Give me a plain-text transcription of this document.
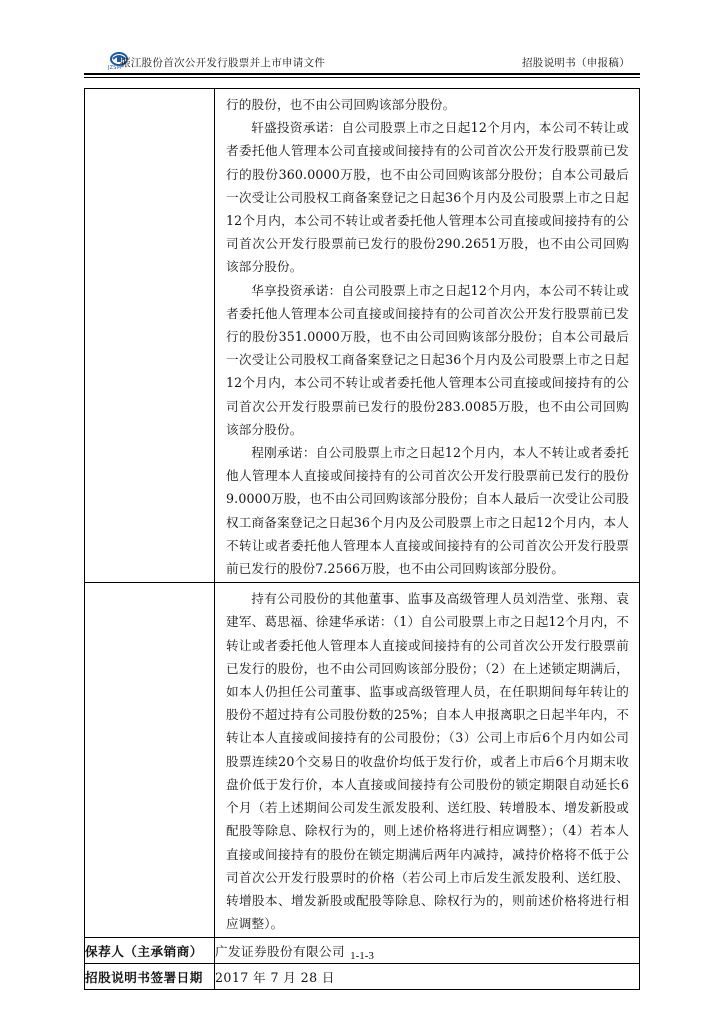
JZSM
振江股份首次公开发行股票并上市申请文件	招股说明书（申报稿）

	行的股份，也不由公司回购该部分股份。

轩盛投资承诺：自公司股票上市之日起12个月内，本公司不转让或者委托他人管理本公司直接或间接持有的公司首次公开发行股票前已发行的股份360.0000万股，也不由公司回购该部分股份；自本公司最后一次受让公司股权工商备案登记之日起36个月内及公司股票上市之日起12个月内，本公司不转让或者委托他人管理本公司直接或间接持有的公司首次公开发行股票前已发行的股份290.2651万股，也不由公司回购该部分股份。

华享投资承诺：自公司股票上市之日起12个月内，本公司不转让或者委托他人管理本公司直接或间接持有的公司首次公开发行股票前已发行的股份351.0000万股，也不由公司回购该部分股份；自本公司最后一次受让公司股权工商备案登记之日起36个月内及公司股票上市之日起12个月内，本公司不转让或者委托他人管理本公司直接或间接持有的公司首次公开发行股票前已发行的股份283.0085万股，也不由公司回购该部分股份。

程刚承诺：自公司股票上市之日起12个月内，本人不转让或者委托他人管理本人直接或间接持有的公司首次公开发行股票前已发行的股份9.0000万股，也不由公司回购该部分股份；自本人最后一次受让公司股权工商备案登记之日起36个月内及公司股票上市之日起12个月内，本人不转让或者委托他人管理本人直接或间接持有的公司首次公开发行股票前已发行的股份7.2566万股，也不由公司回购该部分股份。

	持有公司股份的其他董事、监事及高级管理人员刘浩堂、张翔、袁建军、葛思福、徐建华承诺：（1）自公司股票上市之日起12个月内，不转让或者委托他人管理本人直接或间接持有的公司首次公开发行股票前已发行的股份，也不由公司回购该部分股份；（2）在上述锁定期满后，如本人仍担任公司董事、监事或高级管理人员，在任职期间每年转让的股份不超过持有公司股份数的25%；自本人申报离职之日起半年内，不转让本人直接或间接持有的公司股份；（3）公司上市后6个月内如公司股票连续20个交易日的收盘价均低于发行价，或者上市后6个月期末收盘价低于发行价，本人直接或间接持有公司股份的锁定期限自动延长6个月（若上述期间公司发生派发股利、送红股、转增股本、增发新股或配股等除息、除权行为的，则上述价格将进行相应调整）；（4）若本人直接或间接持有的股份在锁定期满后两年内减持，减持价格将不低于公司首次公开发行股票时的价格（若公司上市后发生派发股利、送红股、转增股本、增发新股或配股等除息、除权行为的，则前述价格将进行相应调整）。

保荐人（主承销商）	广发证券股份有限公司
招股说明书签署日期	2017 年 7 月 28 日
1-1-3
